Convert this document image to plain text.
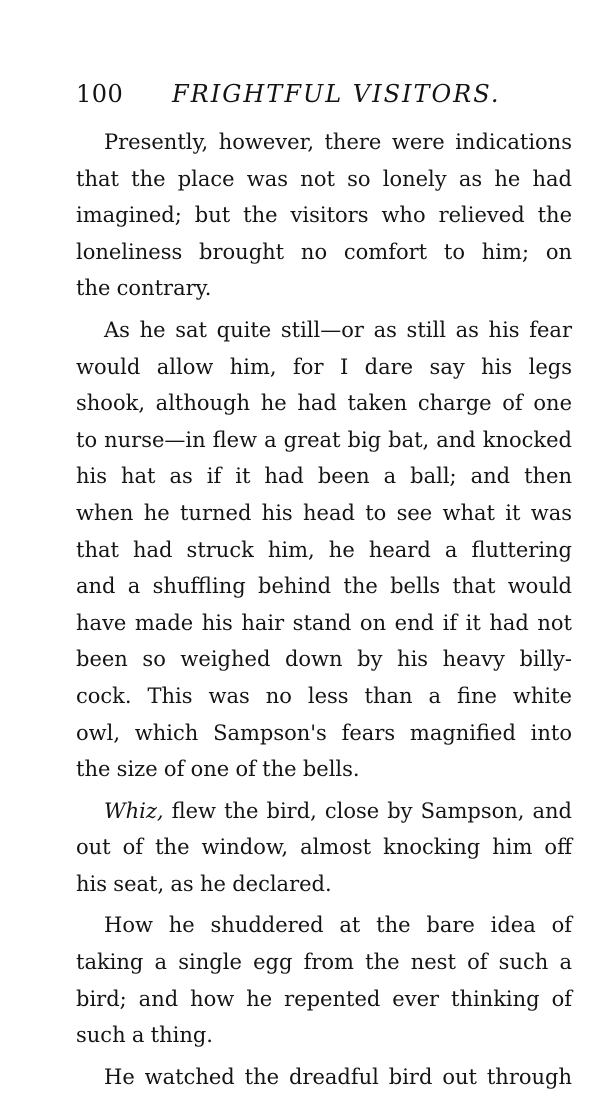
100 FRIGHTFUL VISITORS.
Presently, however, there were indications
that the place was not so lonely as he had
imagined; but the visitors who relieved the
loneliness brought no comfort to him; on
the contrary.
As he sat quite still—or as still as his fear
would allow him, for I dare say his legs
shook, although he had taken charge of one
to nurse—in flew a great big bat, and knocked
his hat as if it had been a ball; and then
when he turned his head to see what it was
that had struck him, he heard a fluttering
and a shuffling behind the bells that would
have made his hair stand on end if it had not
been so weighed down by his heavy billy-
cock. This was no less than a fine white
owl, which Sampson's fears magnified into
the size of one of the bells.
Whiz, flew the bird, close by Sampson, and
out of the window, almost knocking him off
his seat, as he declared.
How he shuddered at the bare idea of
taking a single egg from the nest of such a
bird; and how he repented ever thinking of
such a thing.
He watched the dreadful bird out through
